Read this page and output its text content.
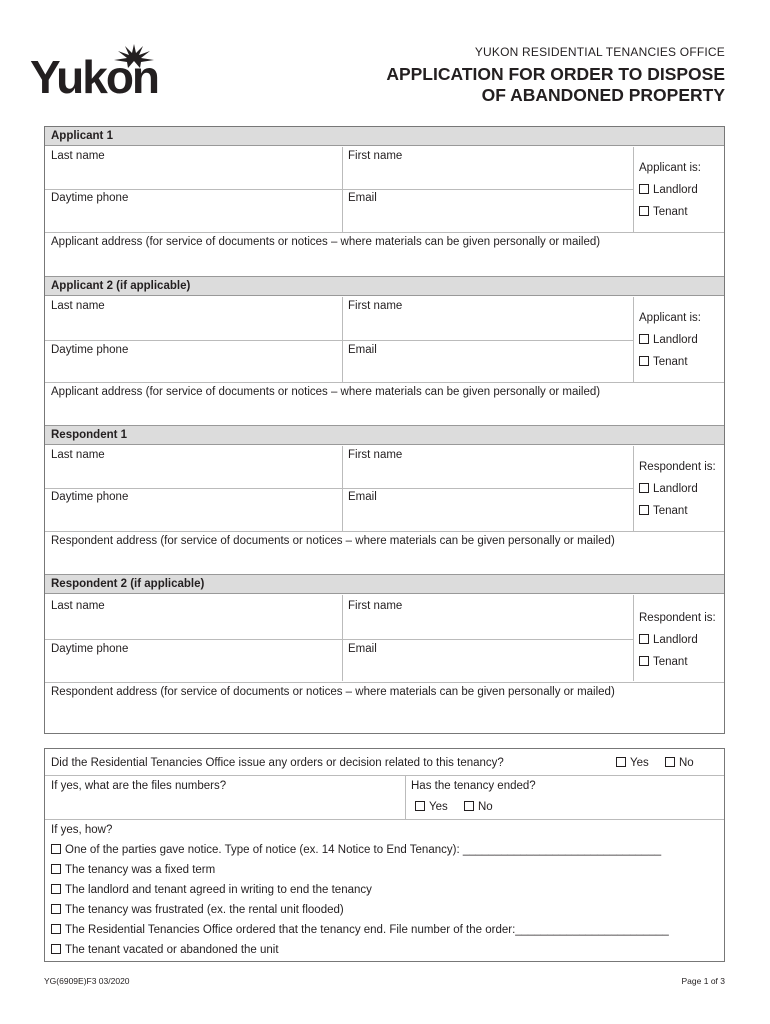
Yukon	YUKON RESIDENTIAL TENANCIES OFFICE
APPLICATION FOR ORDER TO DISPOSE
OF ABANDONED PROPERTY
Applicant 1
Last name	First name
Daytime phone	Email
Applicant is:
Landlord
Tenant
Applicant address (for service of documents or notices – where materials can be given personally or mailed)
Applicant 2 (if applicable)
Last name	First name
Daytime phone	Email
Applicant is:
Landlord
Tenant
Applicant address (for service of documents or notices – where materials can be given personally or mailed)
Respondent 1
Last name	First name
Daytime phone	Email
Respondent is:
Landlord
Tenant
Respondent address (for service of documents or notices – where materials can be given personally or mailed)
Respondent 2 (if applicable)
Last name	First name
Daytime phone	Email
Respondent is:
Landlord
Tenant
Respondent address (for service of documents or notices – where materials can be given personally or mailed)
Did the Residential Tenancies Office issue any orders or decision related to this tenancy?	Yes	No
If yes, what are the files numbers?	Has the tenancy ended?
Yes	No
If yes, how?
One of the parties gave notice. Type of notice (ex. 14 Notice to End Tenancy): _______________________________
The tenancy was a fixed term
The landlord and tenant agreed in writing to end the tenancy
The tenancy was frustrated (ex. the rental unit flooded)
The Residential Tenancies Office ordered that the tenancy end. File number of the order:________________________
The tenant vacated or abandoned the unit
YG(6909E)F3 03/2020	Page 1 of 3
